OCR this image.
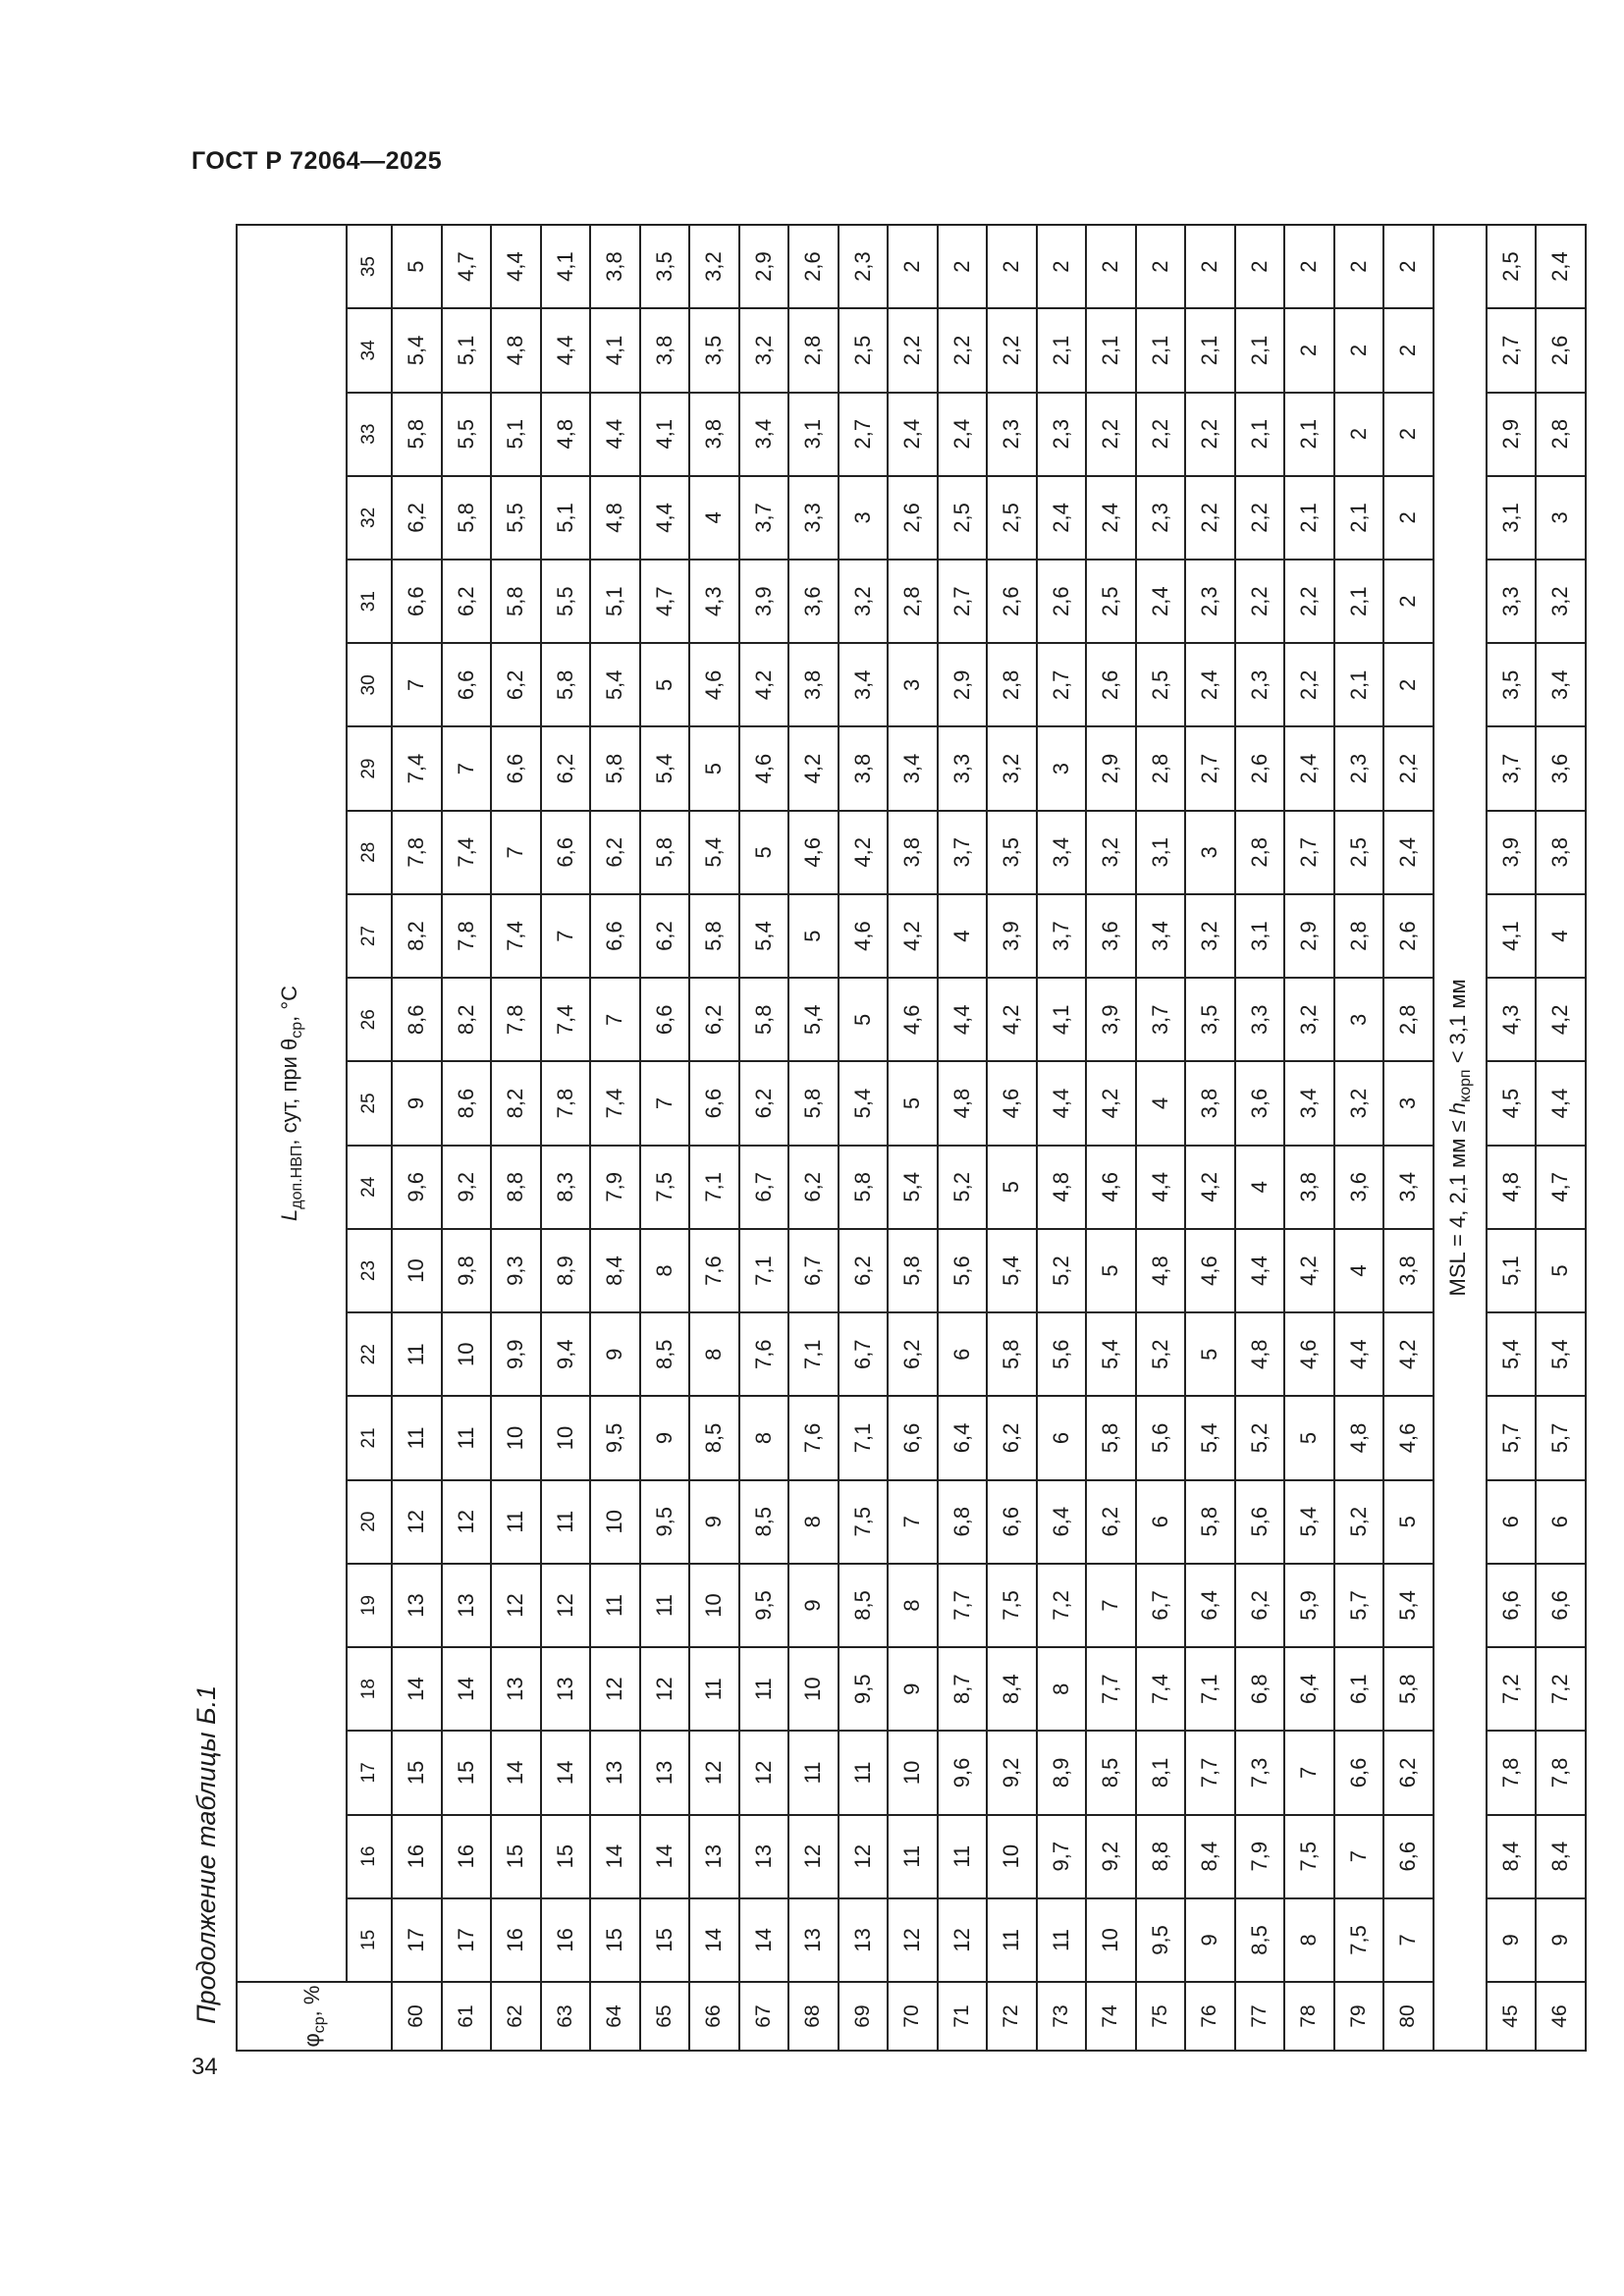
ГОСТ Р 72064—2025
34
Продолжение таблицы Б.1
$\varphi_{ср}$, %	$L_{доп.НВП}$, сут, при $\theta_{ср}$, °C																				
	15	16	17	18	19	20	21	22	23	24	25	26	27	28	29	30	31	32	33	34	35
60	17	16	15	14	13	12	11	11	10	9,6	9	8,6	8,2	7,8	7,4	7	6,6	6,2	5,8	5,4	5
61	17	16	15	14	13	12	11	10	9,8	9,2	8,6	8,2	7,8	7,4	7	6,6	6,2	5,8	5,5	5,1	4,7
62	16	15	14	13	12	11	10	9,9	9,3	8,8	8,2	7,8	7,4	7	6,6	6,2	5,8	5,5	5,1	4,8	4,4
63	16	15	14	13	12	11	10	9,4	8,9	8,3	7,8	7,4	7	6,6	6,2	5,8	5,5	5,1	4,8	4,4	4,1
64	15	14	13	12	11	10	9,5	9	8,4	7,9	7,4	7	6,6	6,2	5,8	5,4	5,1	4,8	4,4	4,1	3,8
65	15	14	13	12	11	9,5	9	8,5	8	7,5	7	6,6	6,2	5,8	5,4	5	4,7	4,4	4,1	3,8	3,5
66	14	13	12	11	10	9	8,5	8	7,6	7,1	6,6	6,2	5,8	5,4	5	4,6	4,3	4	3,8	3,5	3,2
67	14	13	12	11	9,5	8,5	8	7,6	7,1	6,7	6,2	5,8	5,4	5	4,6	4,2	3,9	3,7	3,4	3,2	2,9
68	13	12	11	10	9	8	7,6	7,1	6,7	6,2	5,8	5,4	5	4,6	4,2	3,8	3,6	3,3	3,1	2,8	2,6
69	13	12	11	9,5	8,5	7,5	7,1	6,7	6,2	5,8	5,4	5	4,6	4,2	3,8	3,4	3,2	3	2,7	2,5	2,3
70	12	11	10	9	8	7	6,6	6,2	5,8	5,4	5	4,6	4,2	3,8	3,4	3	2,8	2,6	2,4	2,2	2
71	12	11	9,6	8,7	7,7	6,8	6,4	6	5,6	5,2	4,8	4,4	4	3,7	3,3	2,9	2,7	2,5	2,4	2,2	2
72	11	10	9,2	8,4	7,5	6,6	6,2	5,8	5,4	5	4,6	4,2	3,9	3,5	3,2	2,8	2,6	2,5	2,3	2,2	2
73	11	9,7	8,9	8	7,2	6,4	6	5,6	5,2	4,8	4,4	4,1	3,7	3,4	3	2,7	2,6	2,4	2,3	2,1	2
74	10	9,2	8,5	7,7	7	6,2	5,8	5,4	5	4,6	4,2	3,9	3,6	3,2	2,9	2,6	2,5	2,4	2,2	2,1	2
75	9,5	8,8	8,1	7,4	6,7	6	5,6	5,2	4,8	4,4	4	3,7	3,4	3,1	2,8	2,5	2,4	2,3	2,2	2,1	2
76	9	8,4	7,7	7,1	6,4	5,8	5,4	5	4,6	4,2	3,8	3,5	3,2	3	2,7	2,4	2,3	2,2	2,2	2,1	2
77	8,5	7,9	7,3	6,8	6,2	5,6	5,2	4,8	4,4	4	3,6	3,3	3,1	2,8	2,6	2,3	2,2	2,2	2,1	2,1	2
78	8	7,5	7	6,4	5,9	5,4	5	4,6	4,2	3,8	3,4	3,2	2,9	2,7	2,4	2,2	2,2	2,1	2,1	2	2
79	7,5	7	6,6	6,1	5,7	5,2	4,8	4,4	4	3,6	3,2	3	2,8	2,5	2,3	2,1	2,1	2,1	2	2	2
80	7	6,6	6,2	5,8	5,4	5	4,6	4,2	3,8	3,4	3	2,8	2,6	2,4	2,2	2	2	2	2	2	2
MSL = 4, 2,1 мм ≤ $h_{корп} < 3,1$ мм																					
45	9	8,4	7,8	7,2	6,6	6	5,7	5,4	5,1	4,8	4,5	4,3	4,1	3,9	3,7	3,5	3,3	3,1	2,9	2,7	2,5
46	9	8,4	7,8	7,2	6,6	6	5,7	5,4	5	4,7	4,4	4,2	4	3,8	3,6	3,4	3,2	3	2,8	2,6	2,4
